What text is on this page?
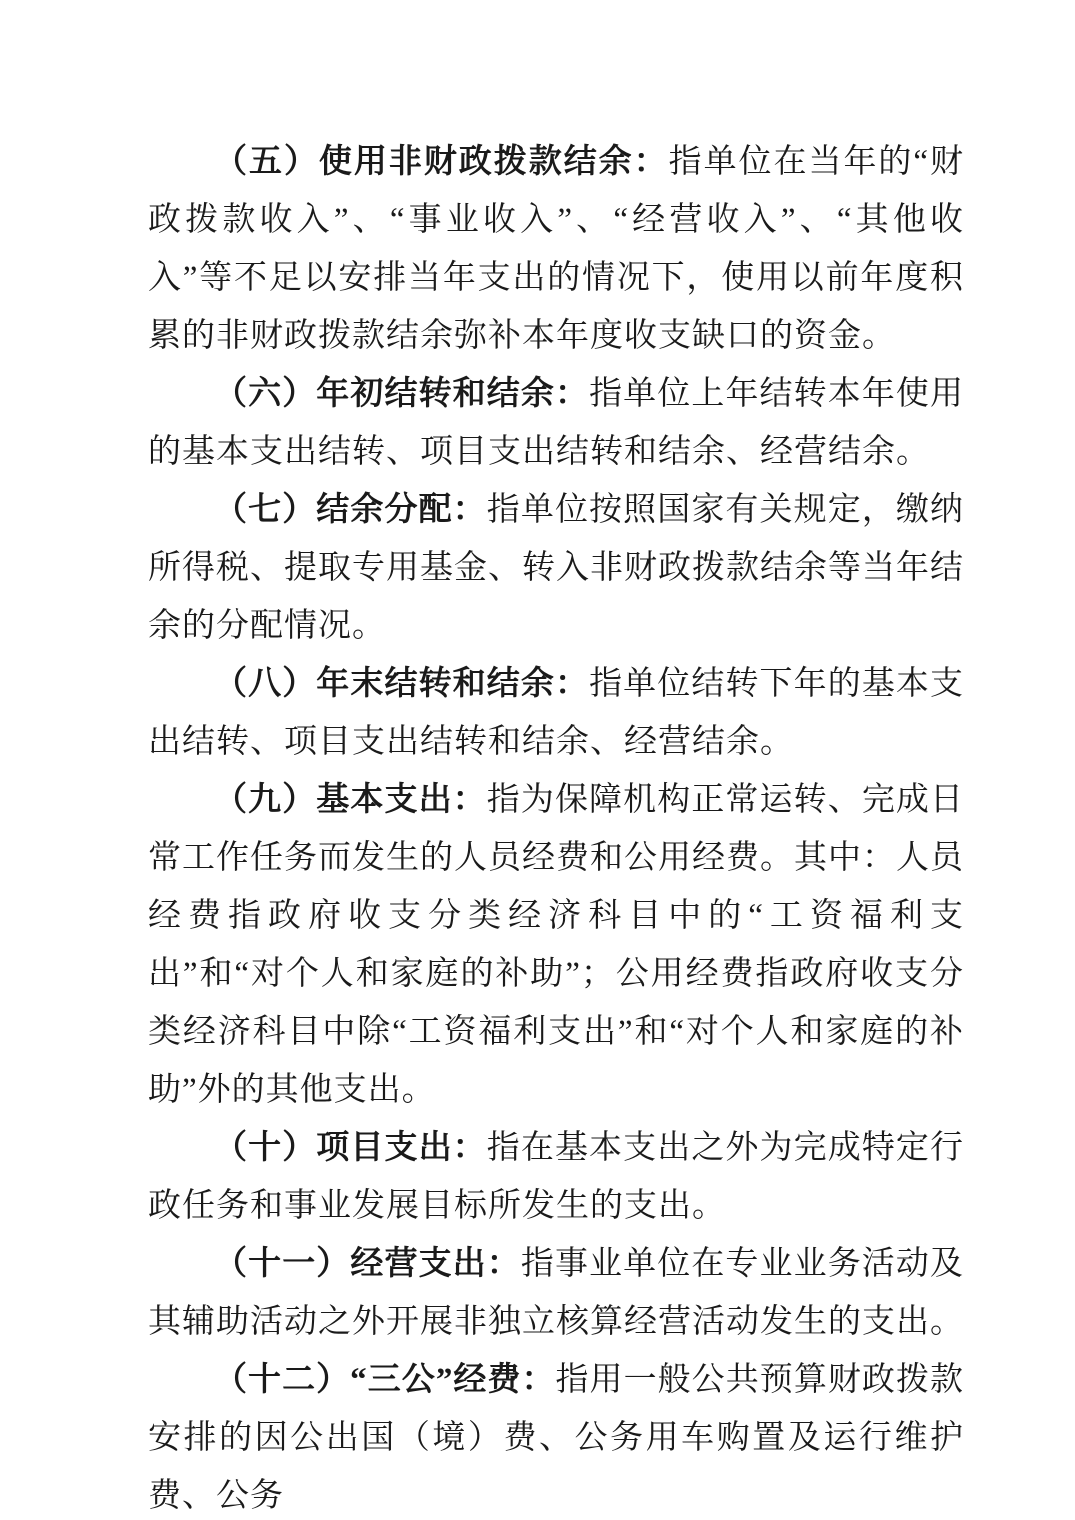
（五）使用非财政拨款结余：指单位在当年的“财政拨款收入”、“事业收入”、“经营收入”、“其他收入”等不足以安排当年支出的情况下，使用以前年度积累的非财政拨款结余弥补本年度收支缺口的资金。

（六）年初结转和结余：指单位上年结转本年使用的基本支出结转、项目支出结转和结余、经营结余。

（七）结余分配：指单位按照国家有关规定，缴纳所得税、提取专用基金、转入非财政拨款结余等当年结余的分配情况。

（八）年末结转和结余：指单位结转下年的基本支出结转、项目支出结转和结余、经营结余。

（九）基本支出：指为保障机构正常运转、完成日常工作任务而发生的人员经费和公用经费。其中：人员经费指政府收支分类经济科目中的“工资福利支出”和“对个人和家庭的补助”；公用经费指政府收支分类经济科目中除“工资福利支出”和“对个人和家庭的补助”外的其他支出。

（十）项目支出：指在基本支出之外为完成特定行政任务和事业发展目标所发生的支出。

（十一）经营支出：指事业单位在专业业务活动及其辅助活动之外开展非独立核算经营活动发生的支出。

（十二）“三公”经费：指用一般公共预算财政拨款安排的因公出国（境）费、公务用车购置及运行维护费、公务
